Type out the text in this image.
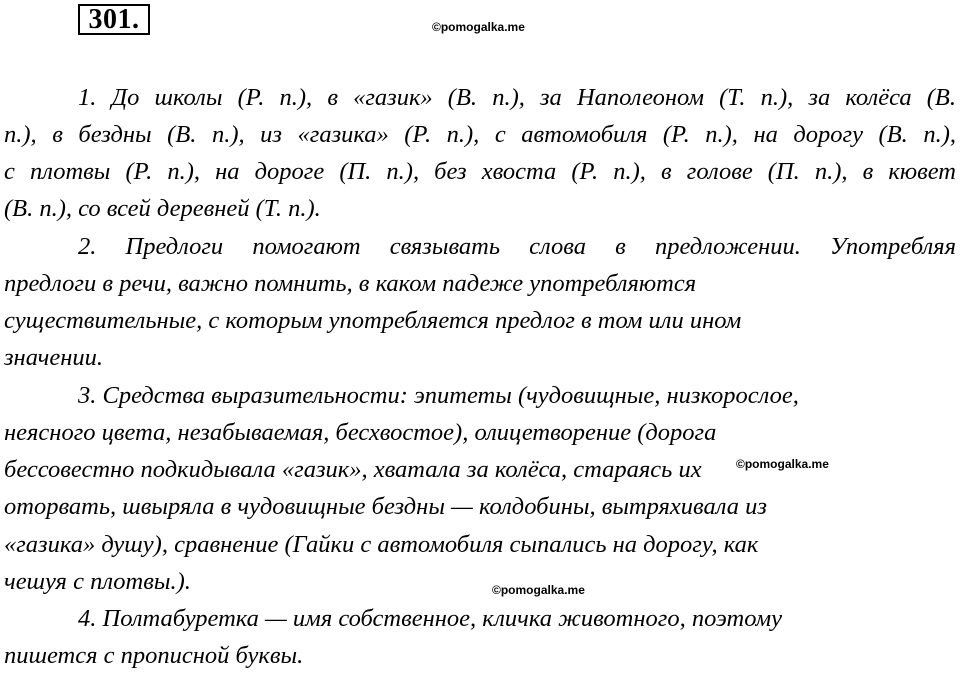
301.	©pomogalka.me
©pomogalka.me
©pomogalka.me
1. До школы (Р. п.), в «газик» (В. п.), за Наполеоном (Т. п.), за колёса (В.
п.), в бездны (В. п.), из «газика» (Р. п.), с автомобиля (Р. п.), на дорогу (В. п.),
с плотвы (Р. п.), на дороге (П. п.), без хвоста (Р. п.), в голове (П. п.), в кювет
(В. п.), со всей деревней (Т. п.).
2. Предлоги помогают связывать слова в предложении. Употребляя
предлоги в речи, важно помнить, в каком падеже употребляются
существительные, с которым употребляется предлог в том или ином
значении.
3. Средства выразительности: эпитеты (чудовищные, низкорослое,
неясного цвета, незабываемая, бесхвостое), олицетворение (дорога
бессовестно подкидывала «газик», хватала за колёса, стараясь их
оторвать, швыряла в чудовищные бездны — колдобины, вытряхивала из
«газика» душу), сравнение (Гайки с автомобиля сыпались на дорогу, как
чешуя с плотвы.).
4. Полтабуретка — имя собственное, кличка животного, поэтому
пишется с прописной буквы.
